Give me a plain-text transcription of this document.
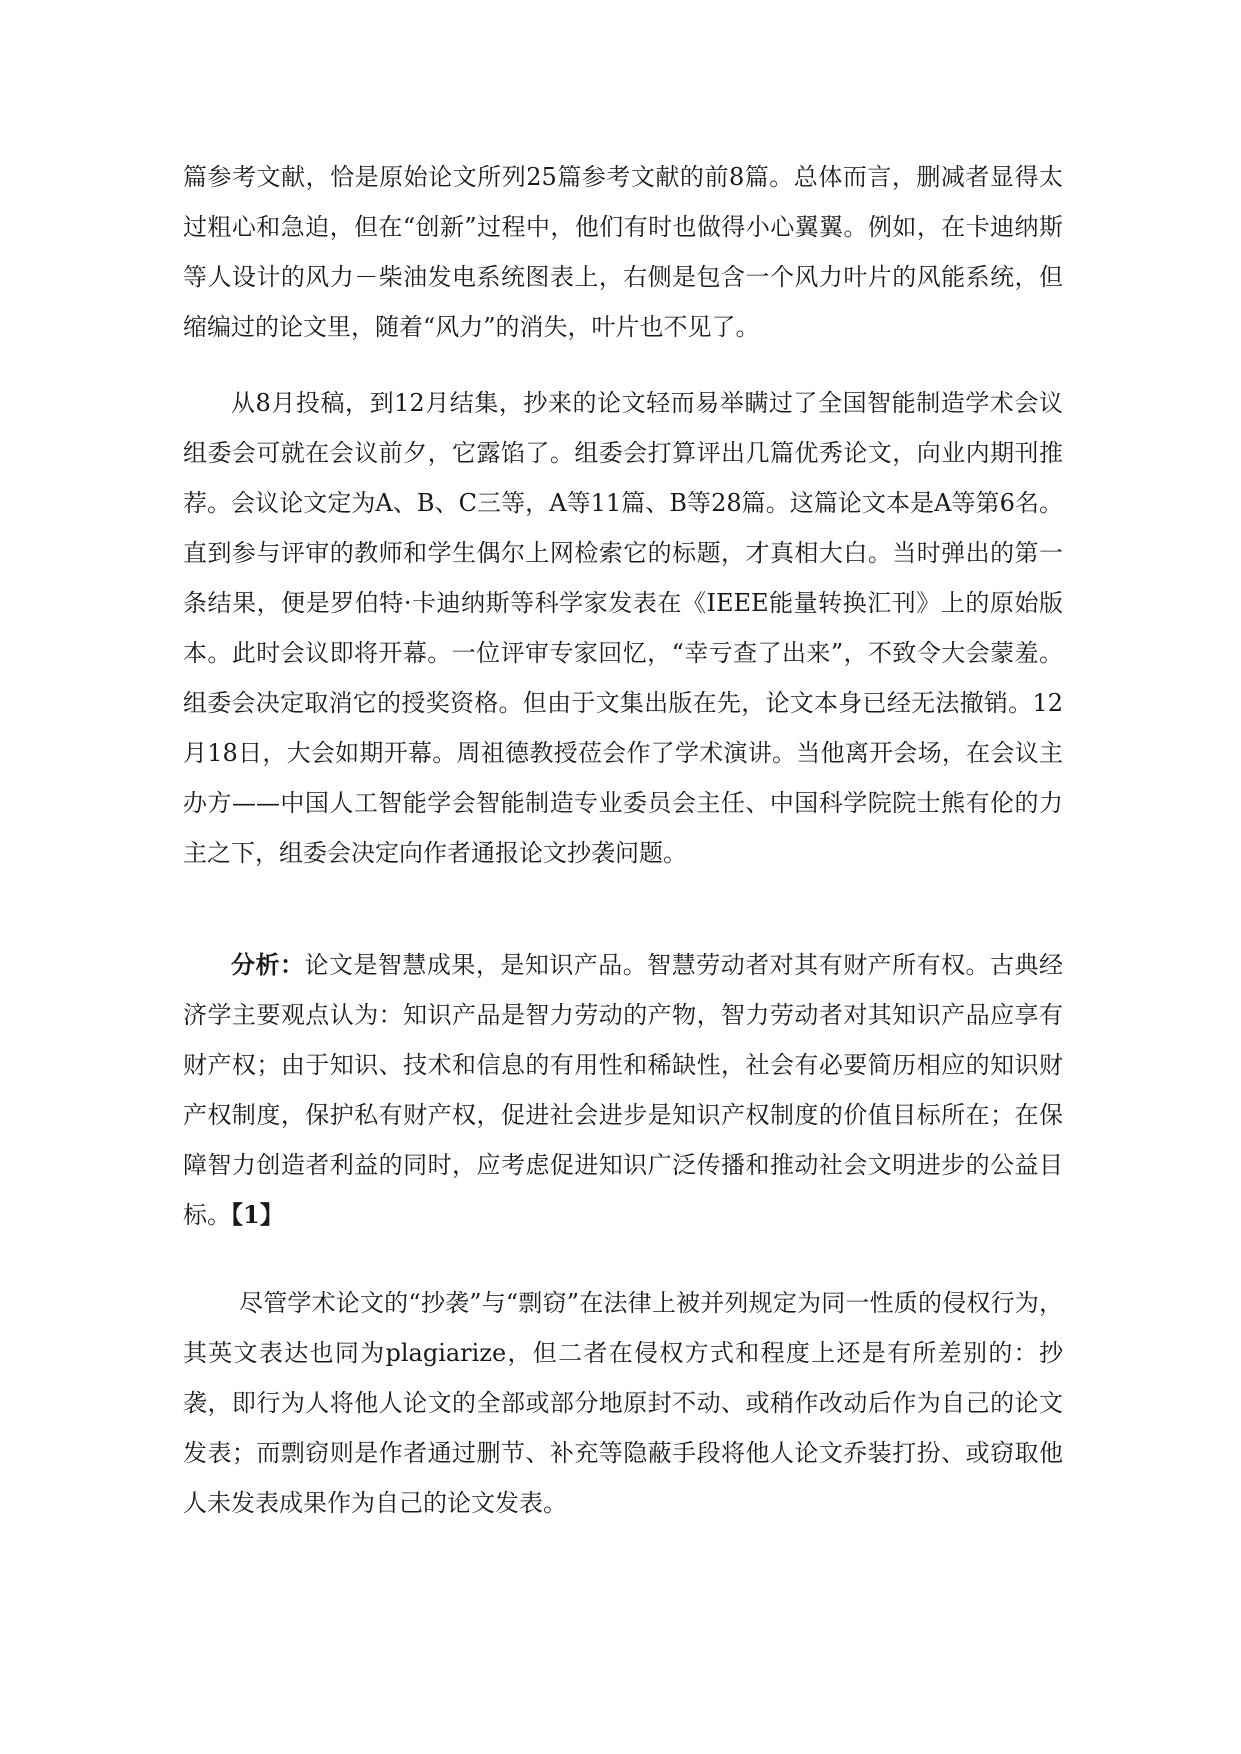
篇参考文献，恰是原始论文所列25篇参考文献的前8篇。总体而言，删减者显得太过粗心和急迫，但在“创新”过程中，他们有时也做得小心翼翼。例如，在卡迪纳斯等人设计的风力－柴油发电系统图表上，右侧是包含一个风力叶片的风能系统，但缩编过的论文里，随着“风力”的消失，叶片也不见了。

从8月投稿，到12月结集，抄来的论文轻而易举瞒过了全国智能制造学术会议组委会可就在会议前夕，它露馅了。组委会打算评出几篇优秀论文，向业内期刊推荐。会议论文定为A、B、C三等，A等11篇、B等28篇。这篇论文本是A等第6名。直到参与评审的教师和学生偶尔上网检索它的标题，才真相大白。当时弹出的第一条结果，便是罗伯特·卡迪纳斯等科学家发表在《IEEE能量转换汇刊》上的原始版本。此时会议即将开幕。一位评审专家回忆，“幸亏查了出来”，不致令大会蒙羞。组委会决定取消它的授奖资格。但由于文集出版在先，论文本身已经无法撤销。12月18日，大会如期开幕。周祖德教授莅会作了学术演讲。当他离开会场，在会议主办方——中国人工智能学会智能制造专业委员会主任、中国科学院院士熊有伦的力主之下，组委会决定向作者通报论文抄袭问题。

分析：论文是智慧成果，是知识产品。智慧劳动者对其有财产所有权。古典经济学主要观点认为：知识产品是智力劳动的产物，智力劳动者对其知识产品应享有财产权；由于知识、技术和信息的有用性和稀缺性，社会有必要简历相应的知识财产权制度，保护私有财产权，促进社会进步是知识产权制度的价值目标所在；在保障智力创造者利益的同时，应考虑促进知识广泛传播和推动社会文明进步的公益目标。【1】

尽管学术论文的“抄袭”与“剽窃”在法律上被并列规定为同一性质的侵权行为，其英文表达也同为plagiarize，但二者在侵权方式和程度上还是有所差别的：抄袭，即行为人将他人论文的全部或部分地原封不动、或稍作改动后作为自己的论文发表；而剽窃则是作者通过删节、补充等隐蔽手段将他人论文乔装打扮、或窃取他人未发表成果作为自己的论文发表。
